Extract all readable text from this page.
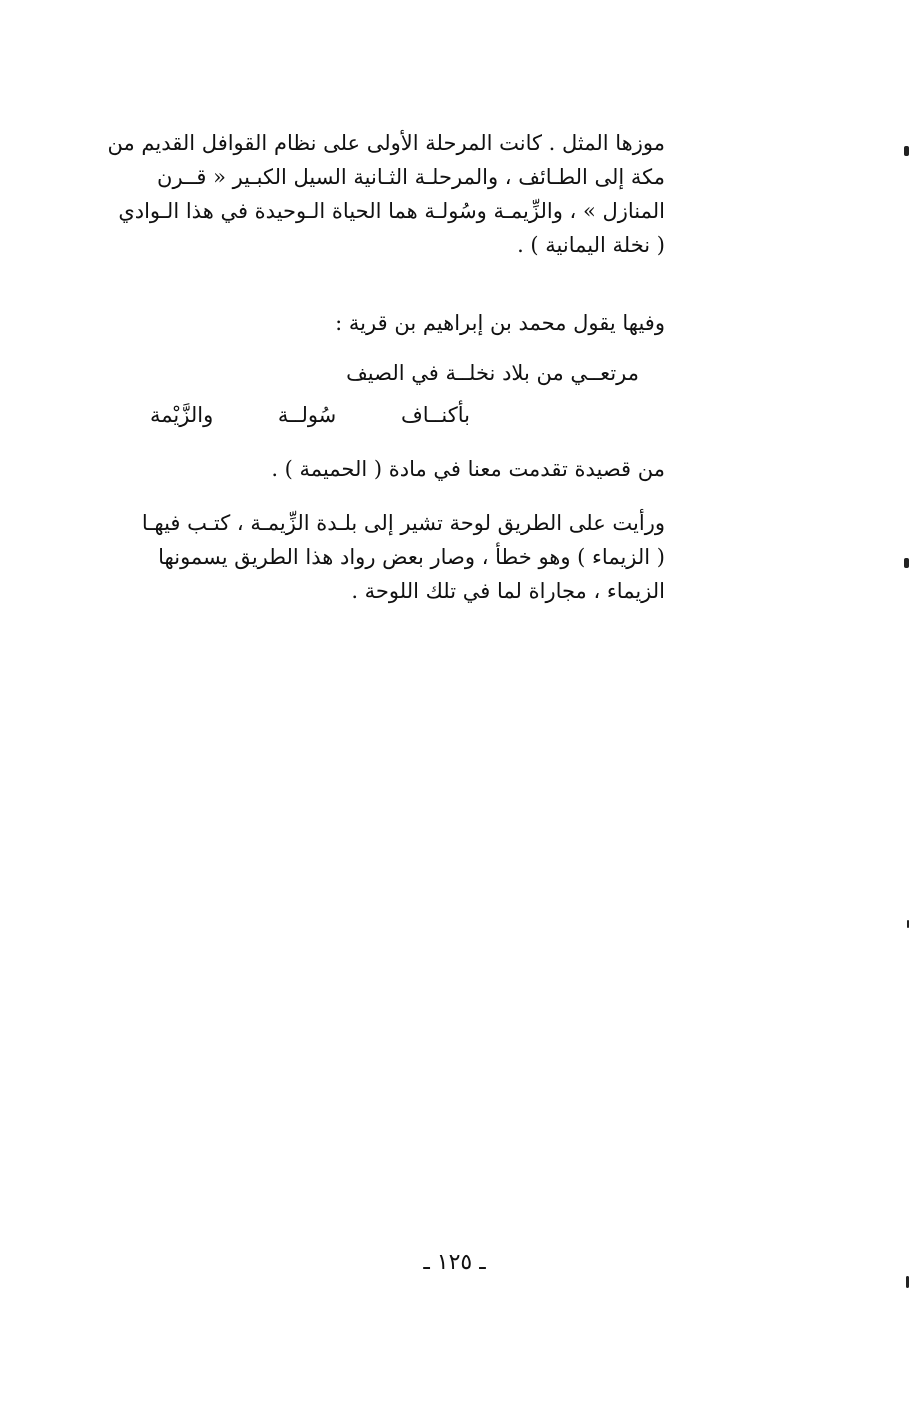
موزها المثل . كانت المرحلة الأولى على نظام القوافل القديم من
مكة إلى الطـائف ، والمرحلـة الثـانية السيل الكبـير « قــرن
المنازل » ، والزِّيمـة وسُولـة هما الحياة الـوحيدة في هذا الـوادي
( نخلة اليمانية ) .
وفيها يقول محمد بن إبراهيم بن قرية :
مرتعــي من بلاد نخلــة في الصيف
بأكنــاف
سُولــة
والزَّيْمة
من قصيدة تقدمت معنا في مادة ( الحميمة ) .
ورأيت على الطريق لوحة تشير إلى بلـدة الزِّيمـة ، كتـب فيهـا
( الزيماء ) وهو خطأ ، وصار بعض رواد هذا الطريق يسمونها
الزيماء ، مجاراة لما في تلك اللوحة .
ـ ١٢٥ ـ
